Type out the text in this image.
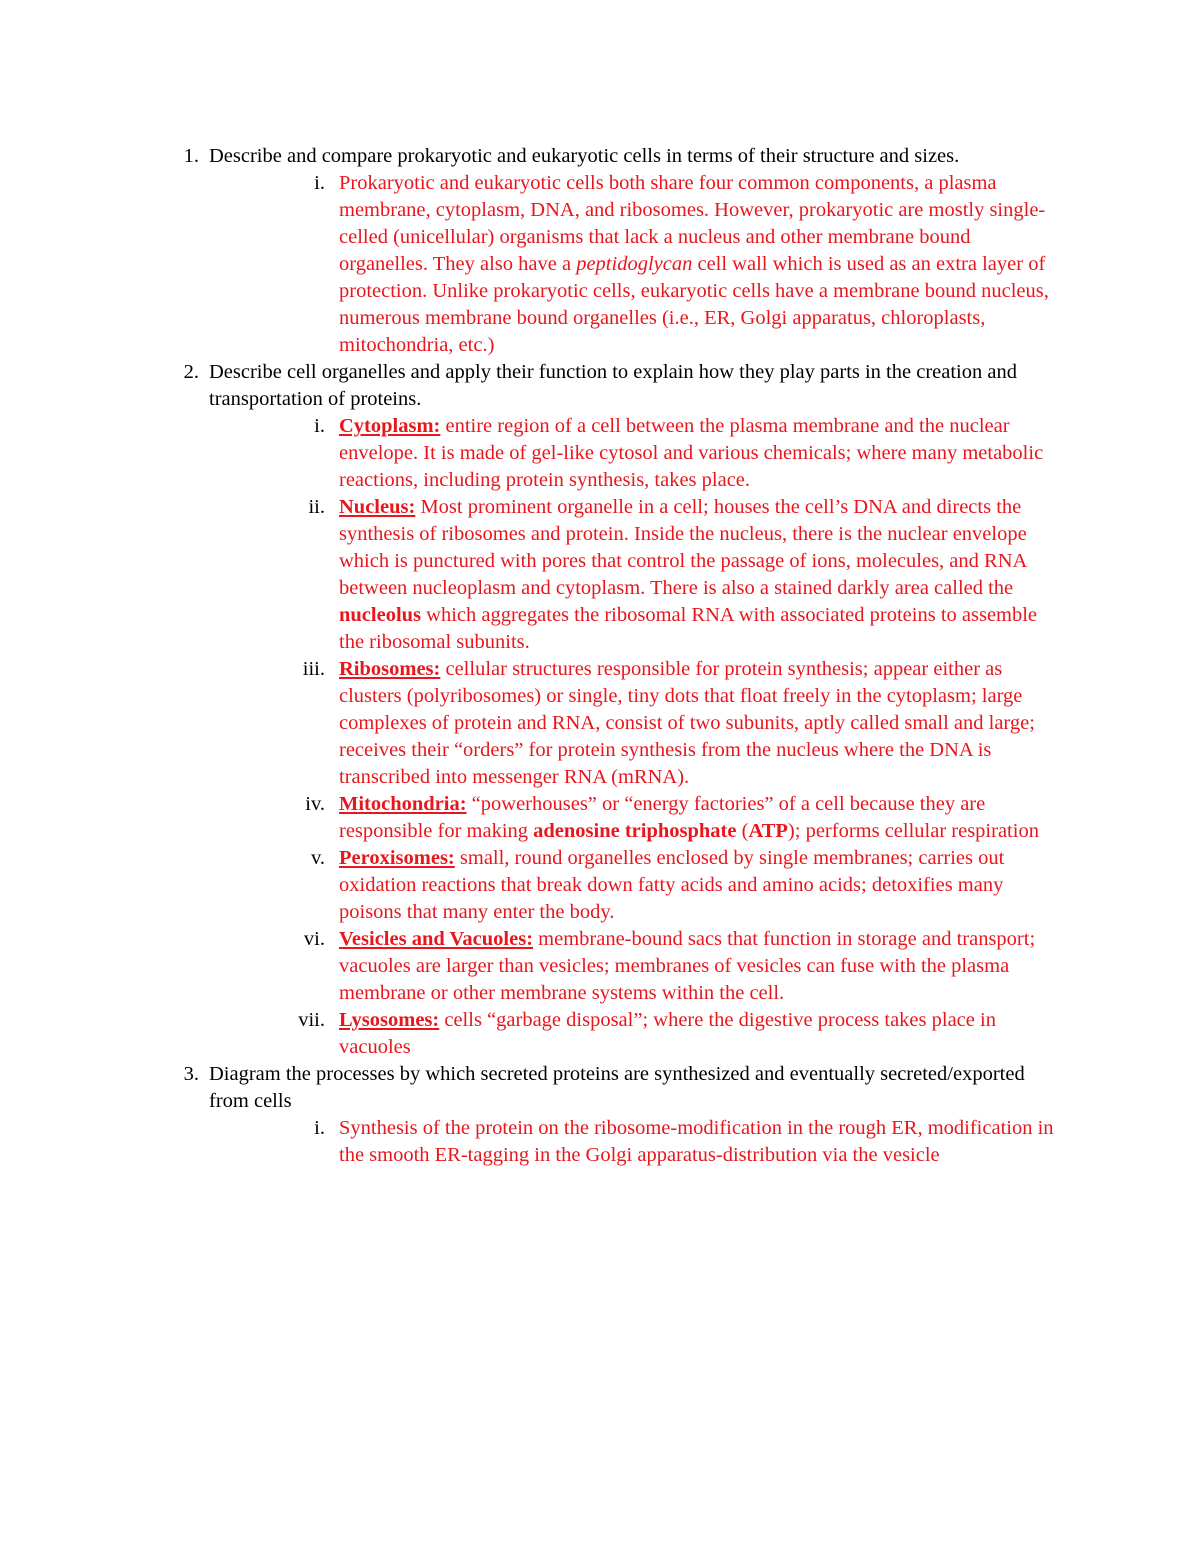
1. Describe and compare prokaryotic and eukaryotic cells in terms of their structure and sizes.
i. Prokaryotic and eukaryotic cells both share four common components, a plasma membrane, cytoplasm, DNA, and ribosomes. However, prokaryotic are mostly single-celled (unicellular) organisms that lack a nucleus and other membrane bound organelles. They also have a peptidoglycan cell wall which is used as an extra layer of protection. Unlike prokaryotic cells, eukaryotic cells have a membrane bound nucleus, numerous membrane bound organelles (i.e., ER, Golgi apparatus, chloroplasts, mitochondria, etc.)
2. Describe cell organelles and apply their function to explain how they play parts in the creation and transportation of proteins.
i. Cytoplasm: entire region of a cell between the plasma membrane and the nuclear envelope. It is made of gel-like cytosol and various chemicals; where many metabolic reactions, including protein synthesis, takes place.
ii. Nucleus: Most prominent organelle in a cell; houses the cell’s DNA and directs the synthesis of ribosomes and protein. Inside the nucleus, there is the nuclear envelope which is punctured with pores that control the passage of ions, molecules, and RNA between nucleoplasm and cytoplasm. There is also a stained darkly area called the nucleolus which aggregates the ribosomal RNA with associated proteins to assemble the ribosomal subunits.
iii. Ribosomes: cellular structures responsible for protein synthesis; appear either as clusters (polyribosomes) or single, tiny dots that float freely in the cytoplasm; large complexes of protein and RNA, consist of two subunits, aptly called small and large; receives their “orders” for protein synthesis from the nucleus where the DNA is transcribed into messenger RNA (mRNA).
iv. Mitochondria: “powerhouses” or “energy factories” of a cell because they are responsible for making adenosine triphosphate (ATP); performs cellular respiration
v. Peroxisomes: small, round organelles enclosed by single membranes; carries out oxidation reactions that break down fatty acids and amino acids; detoxifies many poisons that many enter the body.
vi. Vesicles and Vacuoles: membrane-bound sacs that function in storage and transport; vacuoles are larger than vesicles; membranes of vesicles can fuse with the plasma membrane or other membrane systems within the cell.
vii. Lysosomes: cells “garbage disposal”; where the digestive process takes place in vacuoles
3. Diagram the processes by which secreted proteins are synthesized and eventually secreted/exported from cells
i. Synthesis of the protein on the ribosome-modification in the rough ER, modification in the smooth ER-tagging in the Golgi apparatus-distribution via the vesicle
